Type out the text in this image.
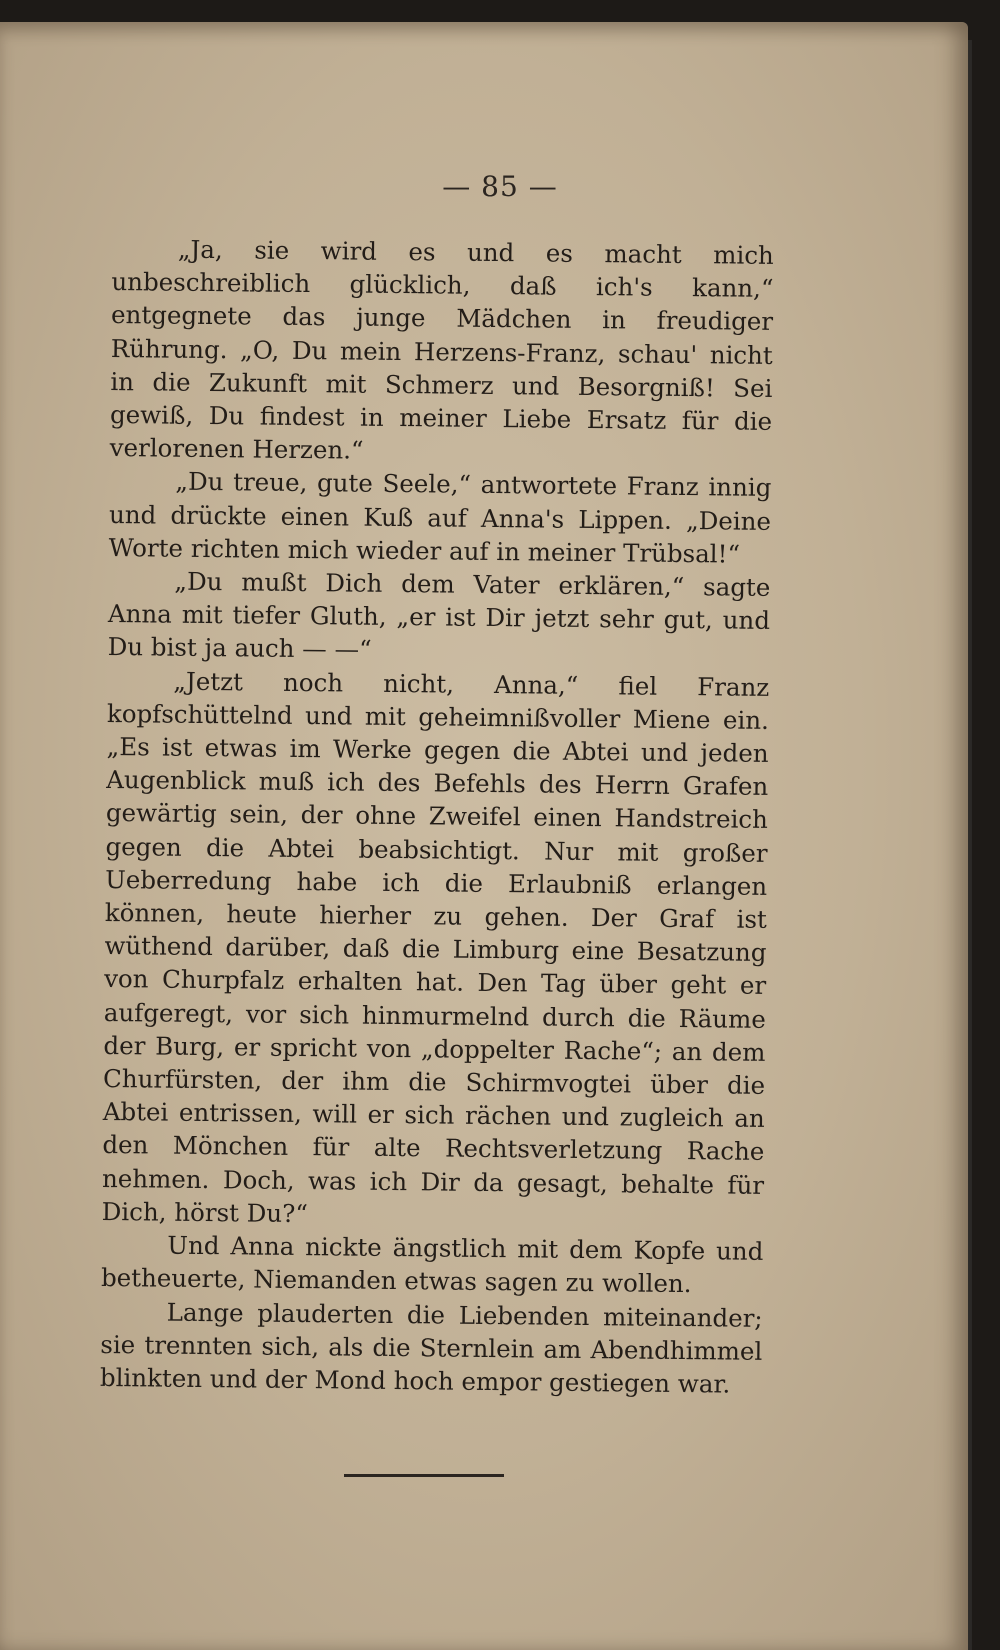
— 85 —

„Ja, sie wird es und es macht mich unbeschreiblich glücklich, daß ich's kann,“ entgegnete das junge Mädchen in freudiger Rührung. „O, Du mein Herzens-Franz, schau' nicht in die Zukunft mit Schmerz und Besorgniß! Sei gewiß, Du findest in meiner Liebe Ersatz für die verlorenen Herzen.“

„Du treue, gute Seele,“ antwortete Franz innig und drückte einen Kuß auf Anna's Lippen. „Deine Worte richten mich wieder auf in meiner Trübsal!“

„Du mußt Dich dem Vater erklären,“ sagte Anna mit tiefer Gluth, „er ist Dir jetzt sehr gut, und Du bist ja auch — —“

„Jetzt noch nicht, Anna,“ fiel Franz kopfschüttelnd und mit geheimnißvoller Miene ein. „Es ist etwas im Werke gegen die Abtei und jeden Augenblick muß ich des Befehls des Herrn Grafen gewärtig sein, der ohne Zweifel einen Handstreich gegen die Abtei beabsichtigt. Nur mit großer Ueberredung habe ich die Erlaubniß erlangen können, heute hierher zu gehen. Der Graf ist wüthend darüber, daß die Limburg eine Besatzung von Churpfalz erhalten hat. Den Tag über geht er aufgeregt, vor sich hinmurmelnd durch die Räume der Burg, er spricht von „doppelter Rache“; an dem Churfürsten, der ihm die Schirmvogtei über die Abtei entrissen, will er sich rächen und zugleich an den Mönchen für alte Rechtsverletzung Rache nehmen. Doch, was ich Dir da gesagt, behalte für Dich, hörst Du?“

Und Anna nickte ängstlich mit dem Kopfe und betheuerte, Niemanden etwas sagen zu wollen.

Lange plauderten die Liebenden miteinander; sie trennten sich, als die Sternlein am Abendhimmel blinkten und der Mond hoch empor gestiegen war.
